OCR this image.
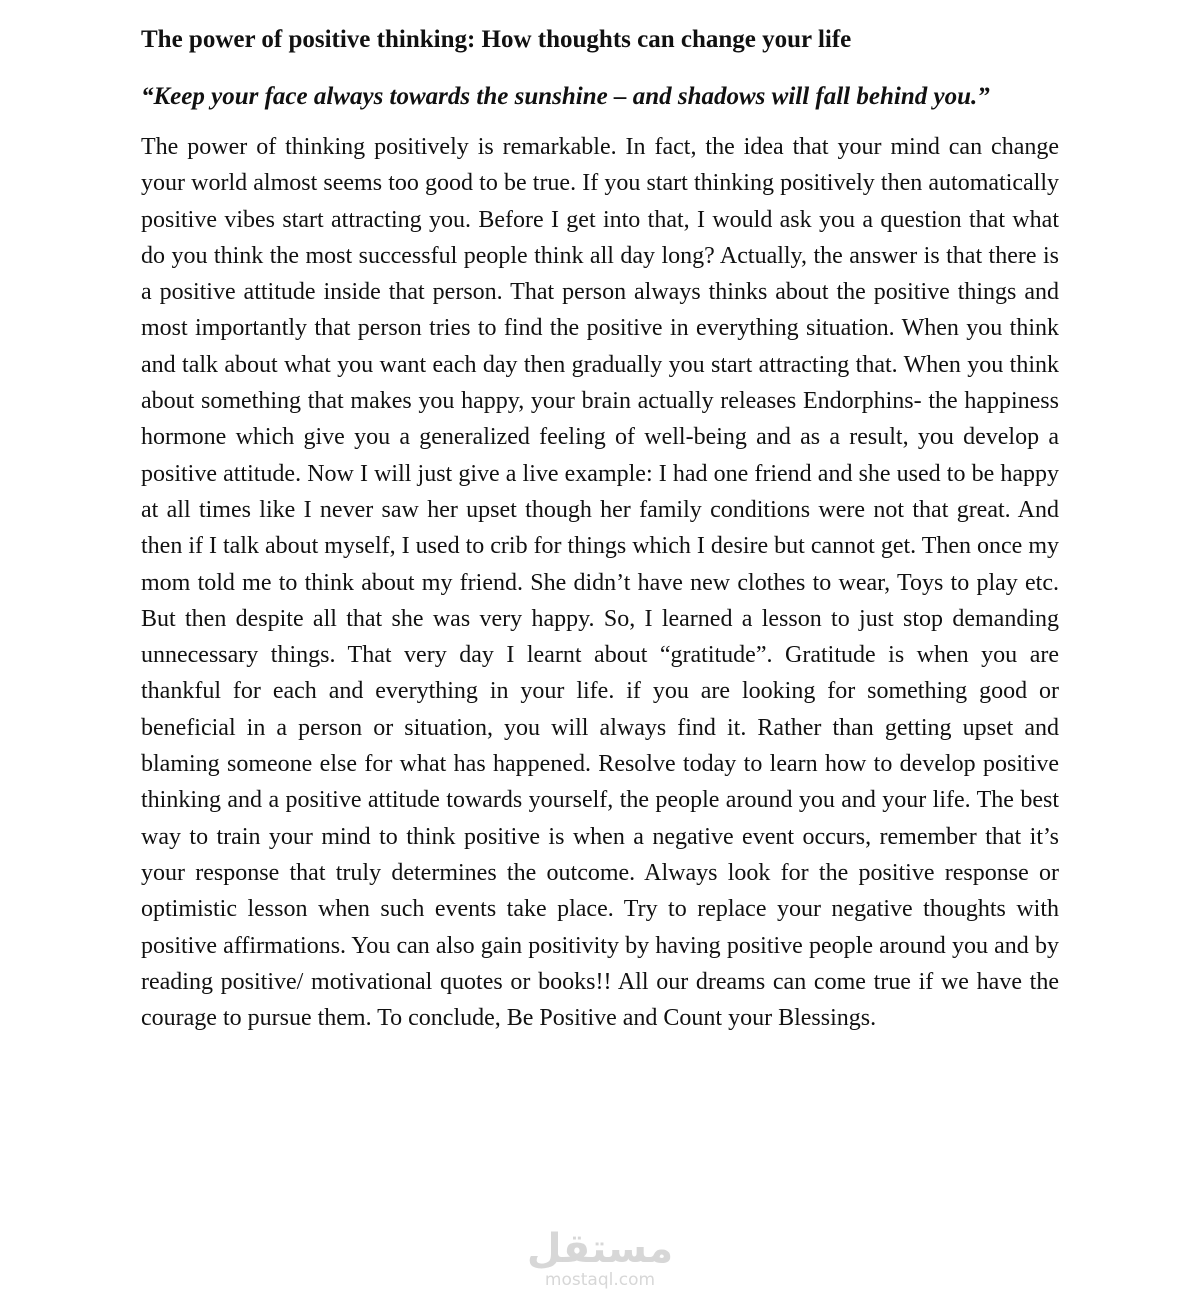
The power of positive thinking: How thoughts can change your life

“Keep your face always towards the sunshine – and shadows will fall behind you.”

The power of thinking positively is remarkable. In fact, the idea that your mind can change your world almost seems too good to be true. If you start thinking positively then automatically positive vibes start attracting you. Before I get into that, I would ask you a question that what do you think the most successful people think all day long? Actually, the answer is that there is a positive attitude inside that person. That person always thinks about the positive things and most importantly that person tries to find the positive in everything situation. When you think and talk about what you want each day then gradually you start attracting that. When you think about something that makes you happy, your brain actually releases Endorphins- the happiness hormone which give you a generalized feeling of well-being and as a result, you develop a positive attitude. Now I will just give a live example: I had one friend and she used to be happy at all times like I never saw her upset though her family conditions were not that great. And then if I talk about myself, I used to crib for things which I desire but cannot get. Then once my mom told me to think about my friend. She didn’t have new clothes to wear, Toys to play etc. But then despite all that she was very happy. So, I learned a lesson to just stop demanding unnecessary things. That very day I learnt about “gratitude”. Gratitude is when you are thankful for each and everything in your life. if you are looking for something good or beneficial in a person or situation, you will always find it. Rather than getting upset and blaming someone else for what has happened. Resolve today to learn how to develop positive thinking and a positive attitude towards yourself, the people around you and your life. The best way to train your mind to think positive is when a negative event occurs, remember that it’s your response that truly determines the outcome. Always look for the positive response or optimistic lesson when such events take place. Try to replace your negative thoughts with positive affirmations. You can also gain positivity by having positive people around you and by reading positive/ motivational quotes or books!! All our dreams can come true if we have the courage to pursue them. To conclude, Be Positive and Count your Blessings.

مستقل
mostaql.com
